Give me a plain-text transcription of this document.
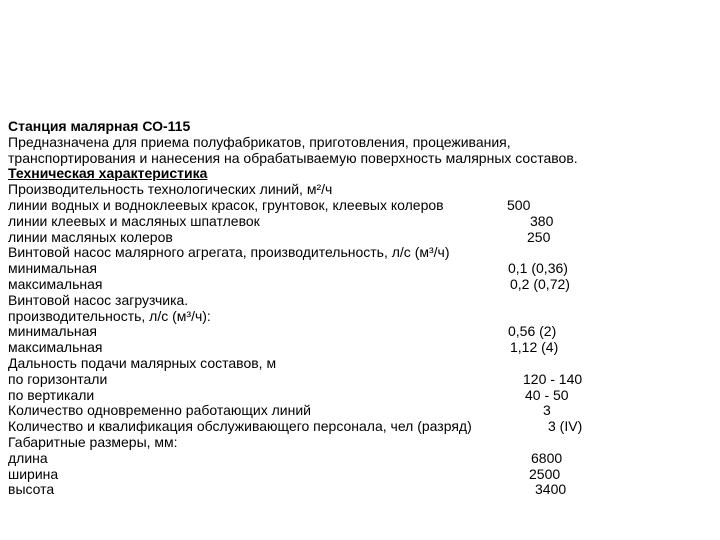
Станция малярная СО-115
Предназначена для приема полуфабрикатов, приготовления, процеживания,
транспортирования и нанесения на обрабатываемую поверхность малярных составов.
Техническая характеристика
Производительность технологических линий, м²/ч
линии водных и водноклеевых красок, грунтовок, клеевых колеров	500
линии клеевых и масляных шпатлевок	380
линии масляных колеров	250
Винтовой насос малярного агрегата, производительность, л/с (м³/ч)
минимальная	0,1 (0,36)
максимальная	0,2 (0,72)
Винтовой насос загрузчика.
производительность, л/с (м³/ч):
минимальная	0,56 (2)
максимальная	1,12 (4)
Дальность подачи малярных составов, м
по горизонтали	120 - 140
по вертикали	40 - 50
Количество одновременно работающих линий	3
Количество и квалификация обслуживающего персонала, чел (разряд)	3 (IV)
Габаритные размеры, мм:
длина	6800
ширина	2500
высота	3400
